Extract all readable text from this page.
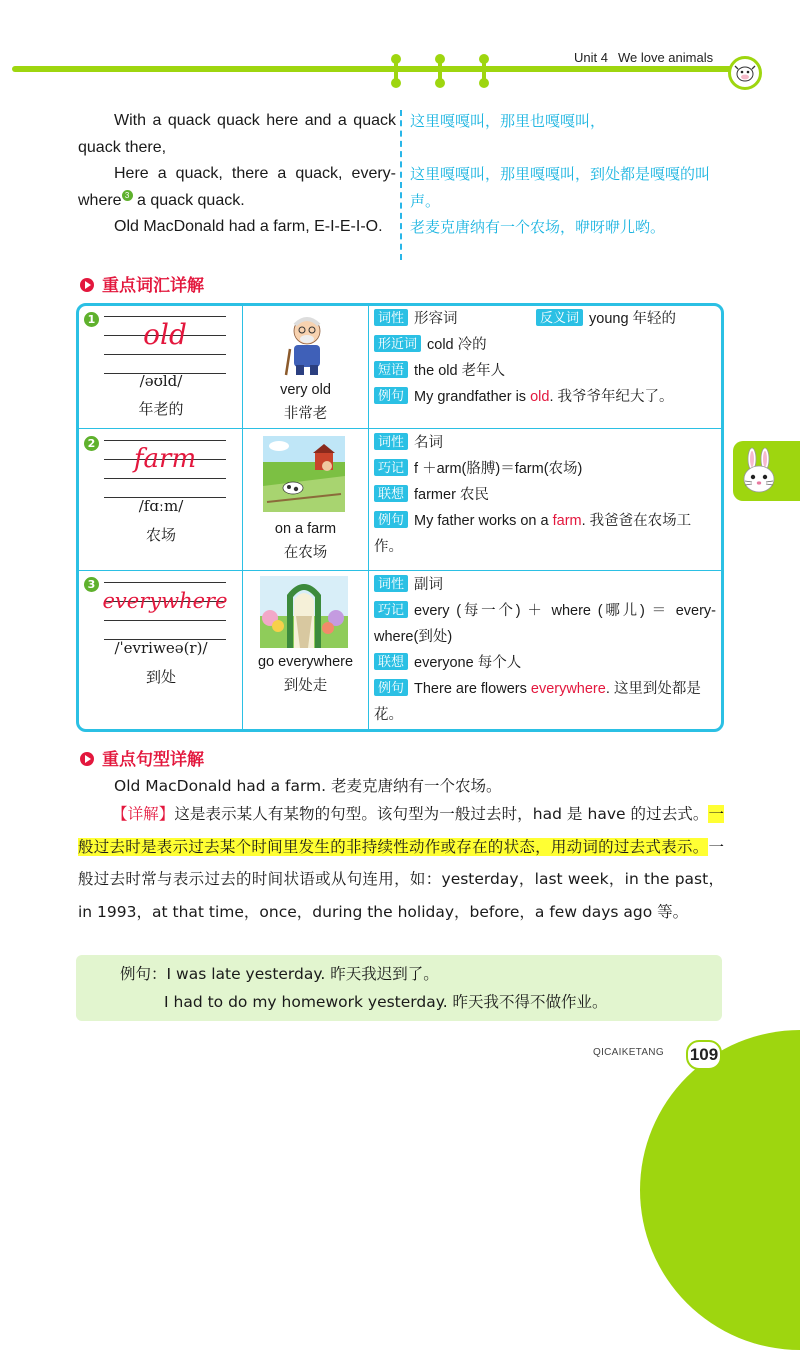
Unit 4 We love animals

With a quack quack here and a quack quack there,

Here a quack, there a quack, every-where 3 a quack quack.

Old MacDonald had a farm, E-I-E-I-O.

这里嘎嘎叫，那里也嘎嘎叫，

这里嘎嘎叫，那里嘎嘎叫，到处都是嘎嘎的叫声。

老麦克唐纳有一个农场，咿呀咿儿哟。

重点词汇详解
1	old
/əʊld/
年老的
very old
非常老
词性 形容词
形近词 cold 冷的
短语 the old 老年人
例句 My grandfather is old. 我爷爷年纪大了。
反义词 young 年轻的
2
farm
/fɑːm/
农场	on a farm
在农场
词性 名词
巧记 f ＋arm(胳膊)＝farm(农场)
联想 farmer 农民
例句 My father works on a farm. 我爸爸在农场工作。
3
everywhere
/ˈevriweə(r)/
到处
go everywhere
到处走
词性 副词
巧记 every (每一个) ＋ where (哪儿) ＝ every-where(到处)
联想 everyone 每个人
例句 There are flowers everywhere. 这里到处都是花。
重点句型详解
Old MacDonald had a farm. 老麦克唐纳有一个农场。
【详解】这是表示某人有某物的句型。该句型为一般过去时，had 是 have 的过去式。一般过去时是表示过去某个时间里发生的非持续性动作或存在的状态，用动词的过去式表示。一般过去时常与表示过去的时间状语或从句连用，如：yesterday，last week，in the past，in 1993，at that time，once，during the holiday，before，a few days ago 等。
例句：I was late yesterday. 昨天我迟到了。
I had to do my homework yesterday. 昨天我不得不做作业。
QICAIKETANG 109
